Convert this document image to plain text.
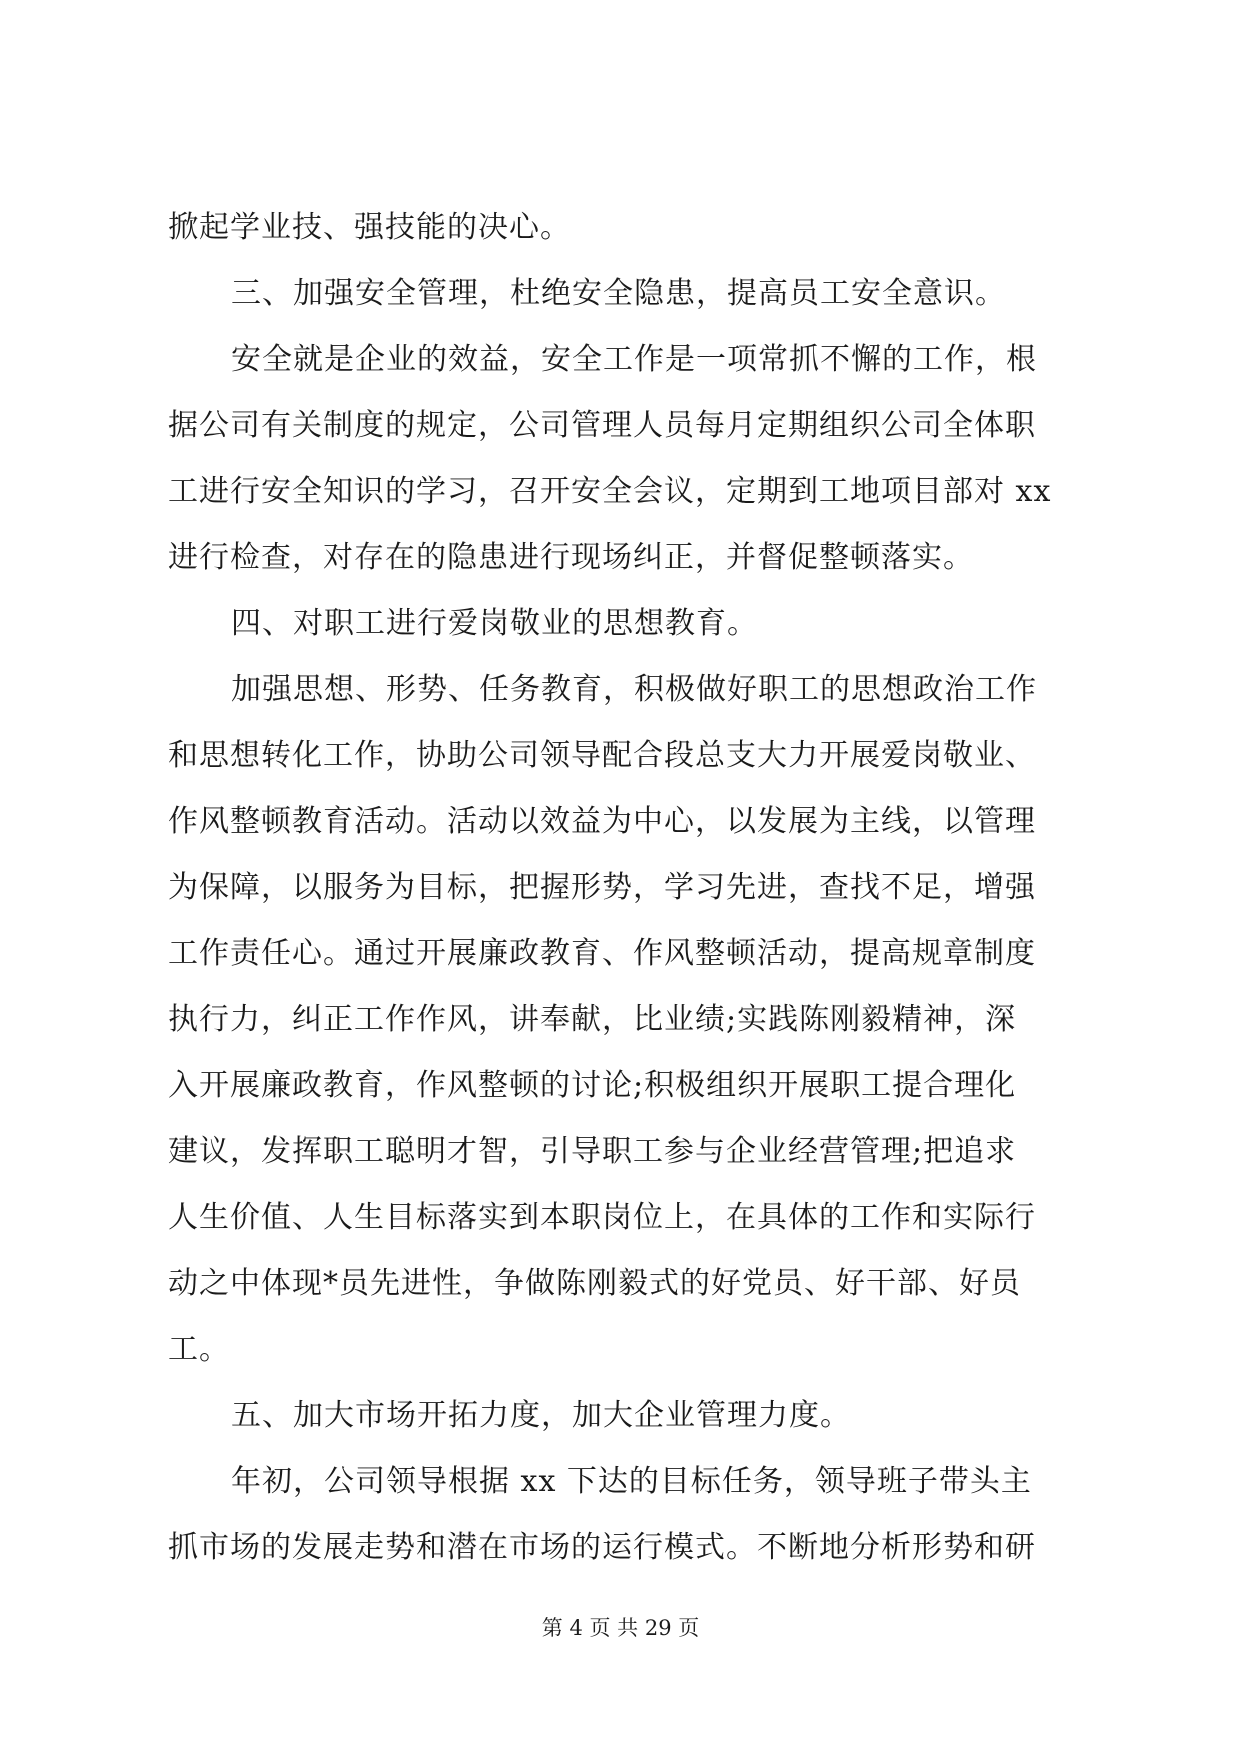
掀起学业技、强技能的决心。
三、加强安全管理，杜绝安全隐患，提高员工安全意识。
安全就是企业的效益，安全工作是一项常抓不懈的工作，根
据公司有关制度的规定，公司管理人员每月定期组织公司全体职
工进行安全知识的学习，召开安全会议，定期到工地项目部对 xx
进行检查，对存在的隐患进行现场纠正，并督促整顿落实。
四、对职工进行爱岗敬业的思想教育。
加强思想、形势、任务教育，积极做好职工的思想政治工作
和思想转化工作，协助公司领导配合段总支大力开展爱岗敬业、
作风整顿教育活动。活动以效益为中心，以发展为主线，以管理
为保障，以服务为目标，把握形势，学习先进，查找不足，增强
工作责任心。通过开展廉政教育、作风整顿活动，提高规章制度
执行力，纠正工作作风，讲奉献，比业绩;实践陈刚毅精神，深
入开展廉政教育，作风整顿的讨论;积极组织开展职工提合理化
建议，发挥职工聪明才智，引导职工参与企业经营管理;把追求
人生价值、人生目标落实到本职岗位上，在具体的工作和实际行
动之中体现*员先进性，争做陈刚毅式的好党员、好干部、好员
工。
五、加大市场开拓力度，加大企业管理力度。
年初，公司领导根据 xx 下达的目标任务，领导班子带头主
抓市场的发展走势和潜在市场的运行模式。不断地分析形势和研
第 4 页 共 29 页
